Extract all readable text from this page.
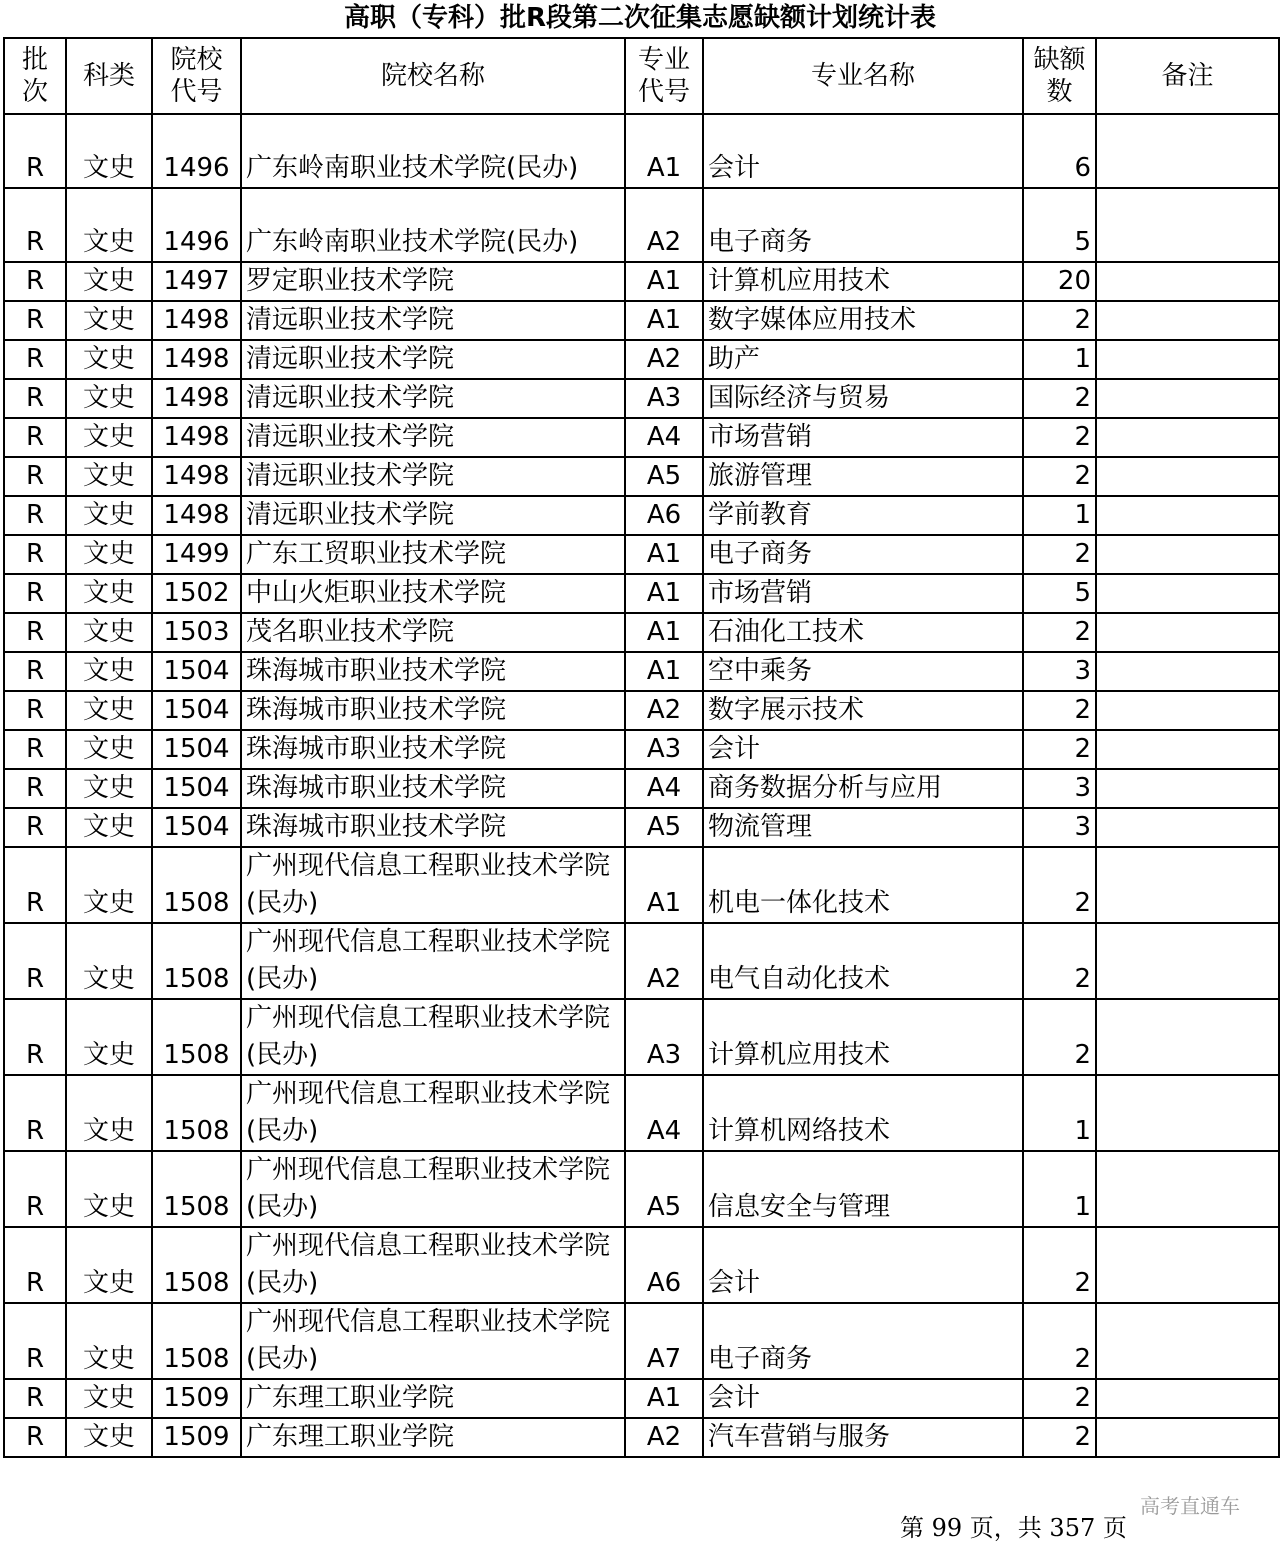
高职（专科）批R段第二次征集志愿缺额计划统计表
批次	科类	院校代号	院校名称	专业代号	专业名称	缺额数	备注
R	文史	1496	广东岭南职业技术学院(民办)	A1	会计	6	
R	文史	1496	广东岭南职业技术学院(民办)	A2	电子商务	5	
R	文史	1497	罗定职业技术学院	A1	计算机应用技术	20	
R	文史	1498	清远职业技术学院	A1	数字媒体应用技术	2	
R	文史	1498	清远职业技术学院	A2	助产	1	
R	文史	1498	清远职业技术学院	A3	国际经济与贸易	2	
R	文史	1498	清远职业技术学院	A4	市场营销	2	
R	文史	1498	清远职业技术学院	A5	旅游管理	2	
R	文史	1498	清远职业技术学院	A6	学前教育	1	
R	文史	1499	广东工贸职业技术学院	A1	电子商务	2	
R	文史	1502	中山火炬职业技术学院	A1	市场营销	5	
R	文史	1503	茂名职业技术学院	A1	石油化工技术	2	
R	文史	1504	珠海城市职业技术学院	A1	空中乘务	3	
R	文史	1504	珠海城市职业技术学院	A2	数字展示技术	2	
R	文史	1504	珠海城市职业技术学院	A3	会计	2	
R	文史	1504	珠海城市职业技术学院	A4	商务数据分析与应用	3	
R	文史	1504	珠海城市职业技术学院	A5	物流管理	3	
R	文史	1508	广州现代信息工程职业技术学院(民办)	A1	机电一体化技术	2	
R	文史	1508	广州现代信息工程职业技术学院(民办)	A2	电气自动化技术	2	
R	文史	1508	广州现代信息工程职业技术学院(民办)	A3	计算机应用技术	2	
R	文史	1508	广州现代信息工程职业技术学院(民办)	A4	计算机网络技术	1	
R	文史	1508	广州现代信息工程职业技术学院(民办)	A5	信息安全与管理	1	
R	文史	1508	广州现代信息工程职业技术学院(民办)	A6	会计	2	
R	文史	1508	广州现代信息工程职业技术学院(民办)	A7	电子商务	2	
R	文史	1509	广东理工职业学院	A1	会计	2	
R	文史	1509	广东理工职业学院	A2	汽车营销与服务	2	
高考直通车
第 99 页，共 357 页
